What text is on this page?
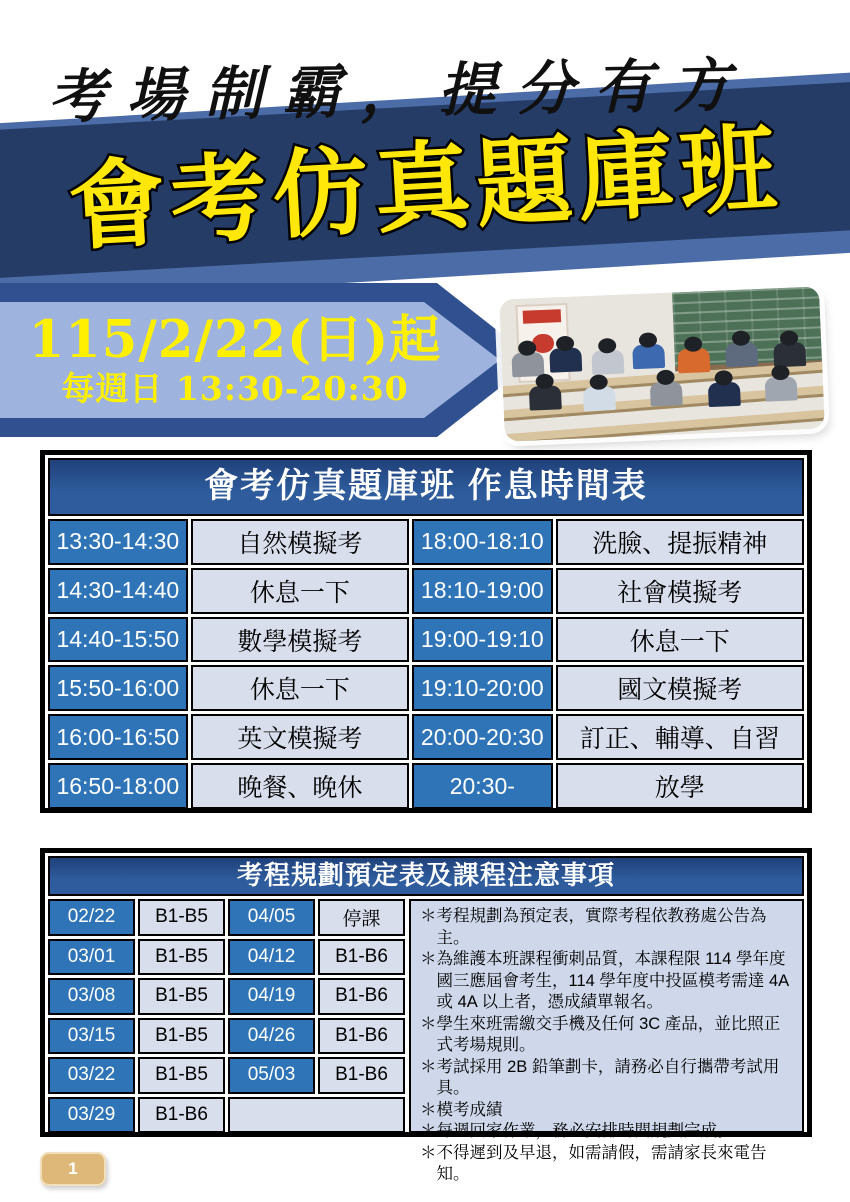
考場制霸，提分有方
會考仿真題庫班
115/2/22(日)起
每週日 13:30-20:30
會考仿真題庫班 作息時間表
13:30-14:30	自然模擬考	18:00-18:10	洗臉、提振精神
14:30-14:40	休息一下	18:10-19:00	社會模擬考
14:40-15:50	數學模擬考	19:00-19:10	休息一下
15:50-16:00	休息一下	19:10-20:00	國文模擬考
16:00-16:50	英文模擬考	20:00-20:30	訂正、輔導、自習
16:50-18:00	晚餐、晚休	20:30-	放學
考程規劃預定表及課程注意事項
02/22	B1-B5	04/05	停課
03/01	B1-B5	04/12	B1-B6
03/08	B1-B5	04/19	B1-B6
03/15	B1-B5	04/26	B1-B6
03/22	B1-B5	05/03	B1-B6
03/29	B1-B6
＊考程規劃為預定表，實際考程依教務處公告為主。
＊為維護本班課程衝刺品質，本課程限 114 學年度國三應屆會考生，114 學年度中投區模考需達 4A 或 4A 以上者，憑成績單報名。
＊學生來班需繳交手機及任何 3C 產品，並比照正式考場規則。
＊考試採用 2B 鉛筆劃卡，請務必自行攜帶考試用具。
＊模考成績
＊每週回家作業，務必安排時間規劃完成。
＊不得遲到及早退，如需請假，需請家長來電告知。
1
